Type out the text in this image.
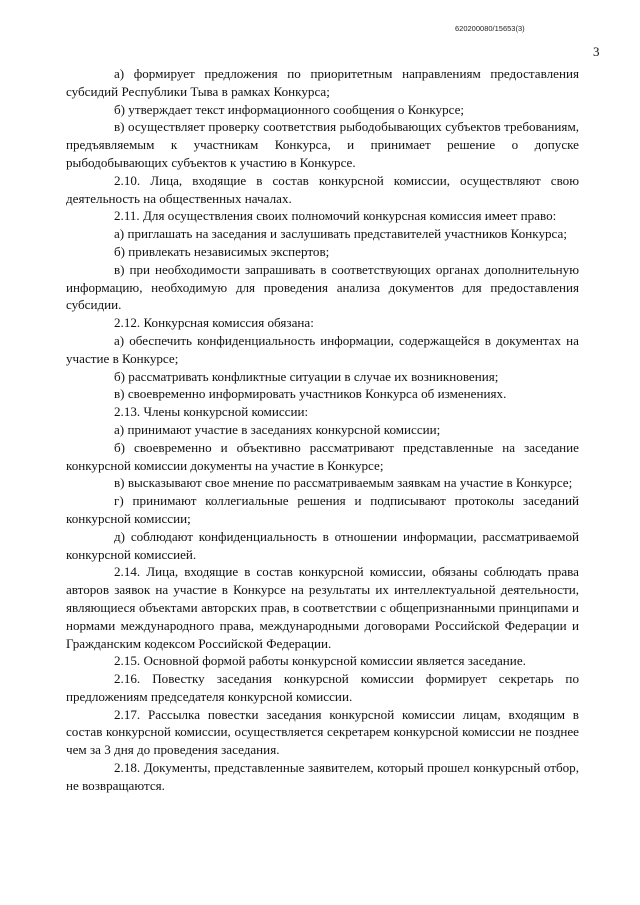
620200080/15653(3)
3

а) формирует предложения по приоритетным направлениям предоставления субсидий Республики Тыва в рамках Конкурса;

б) утверждает текст информационного сообщения о Конкурсе;

в) осуществляет проверку соответствия рыбодобывающих субъектов требованиям, предъявляемым к участникам Конкурса, и принимает решение о допуске рыбодобывающих субъектов к участию в Конкурсе.

2.10. Лица, входящие в состав конкурсной комиссии, осуществляют свою деятельность на общественных началах.

2.11. Для осуществления своих полномочий конкурсная комиссия имеет право:

а) приглашать на заседания и заслушивать представителей участников Конкурса;

б) привлекать независимых экспертов;

в) при необходимости запрашивать в соответствующих органах дополнительную информацию, необходимую для проведения анализа документов для предоставления субсидии.

2.12. Конкурсная комиссия обязана:

а) обеспечить конфиденциальность информации, содержащейся в документах на участие в Конкурсе;

б) рассматривать конфликтные ситуации в случае их возникновения;

в) своевременно информировать участников Конкурса об изменениях.

2.13. Члены конкурсной комиссии:

а) принимают участие в заседаниях конкурсной комиссии;

б) своевременно и объективно рассматривают представленные на заседание конкурсной комиссии документы на участие в Конкурсе;

в) высказывают свое мнение по рассматриваемым заявкам на участие в Конкурсе;

г) принимают коллегиальные решения и подписывают протоколы заседаний конкурсной комиссии;

д) соблюдают конфиденциальность в отношении информации, рассматриваемой конкурсной комиссией.

2.14. Лица, входящие в состав конкурсной комиссии, обязаны соблюдать права авторов заявок на участие в Конкурсе на результаты их интеллектуальной деятельности, являющиеся объектами авторских прав, в соответствии с общепризнанными принципами и нормами международного права, международными договорами Российской Федерации и Гражданским кодексом Российской Федерации.

2.15. Основной формой работы конкурсной комиссии является заседание.

2.16. Повестку заседания конкурсной комиссии формирует секретарь по предложениям председателя конкурсной комиссии.

2.17. Рассылка повестки заседания конкурсной комиссии лицам, входящим в состав конкурсной комиссии, осуществляется секретарем конкурсной комиссии не позднее чем за 3 дня до проведения заседания.

2.18. Документы, представленные заявителем, который прошел конкурсный отбор, не возвращаются.
